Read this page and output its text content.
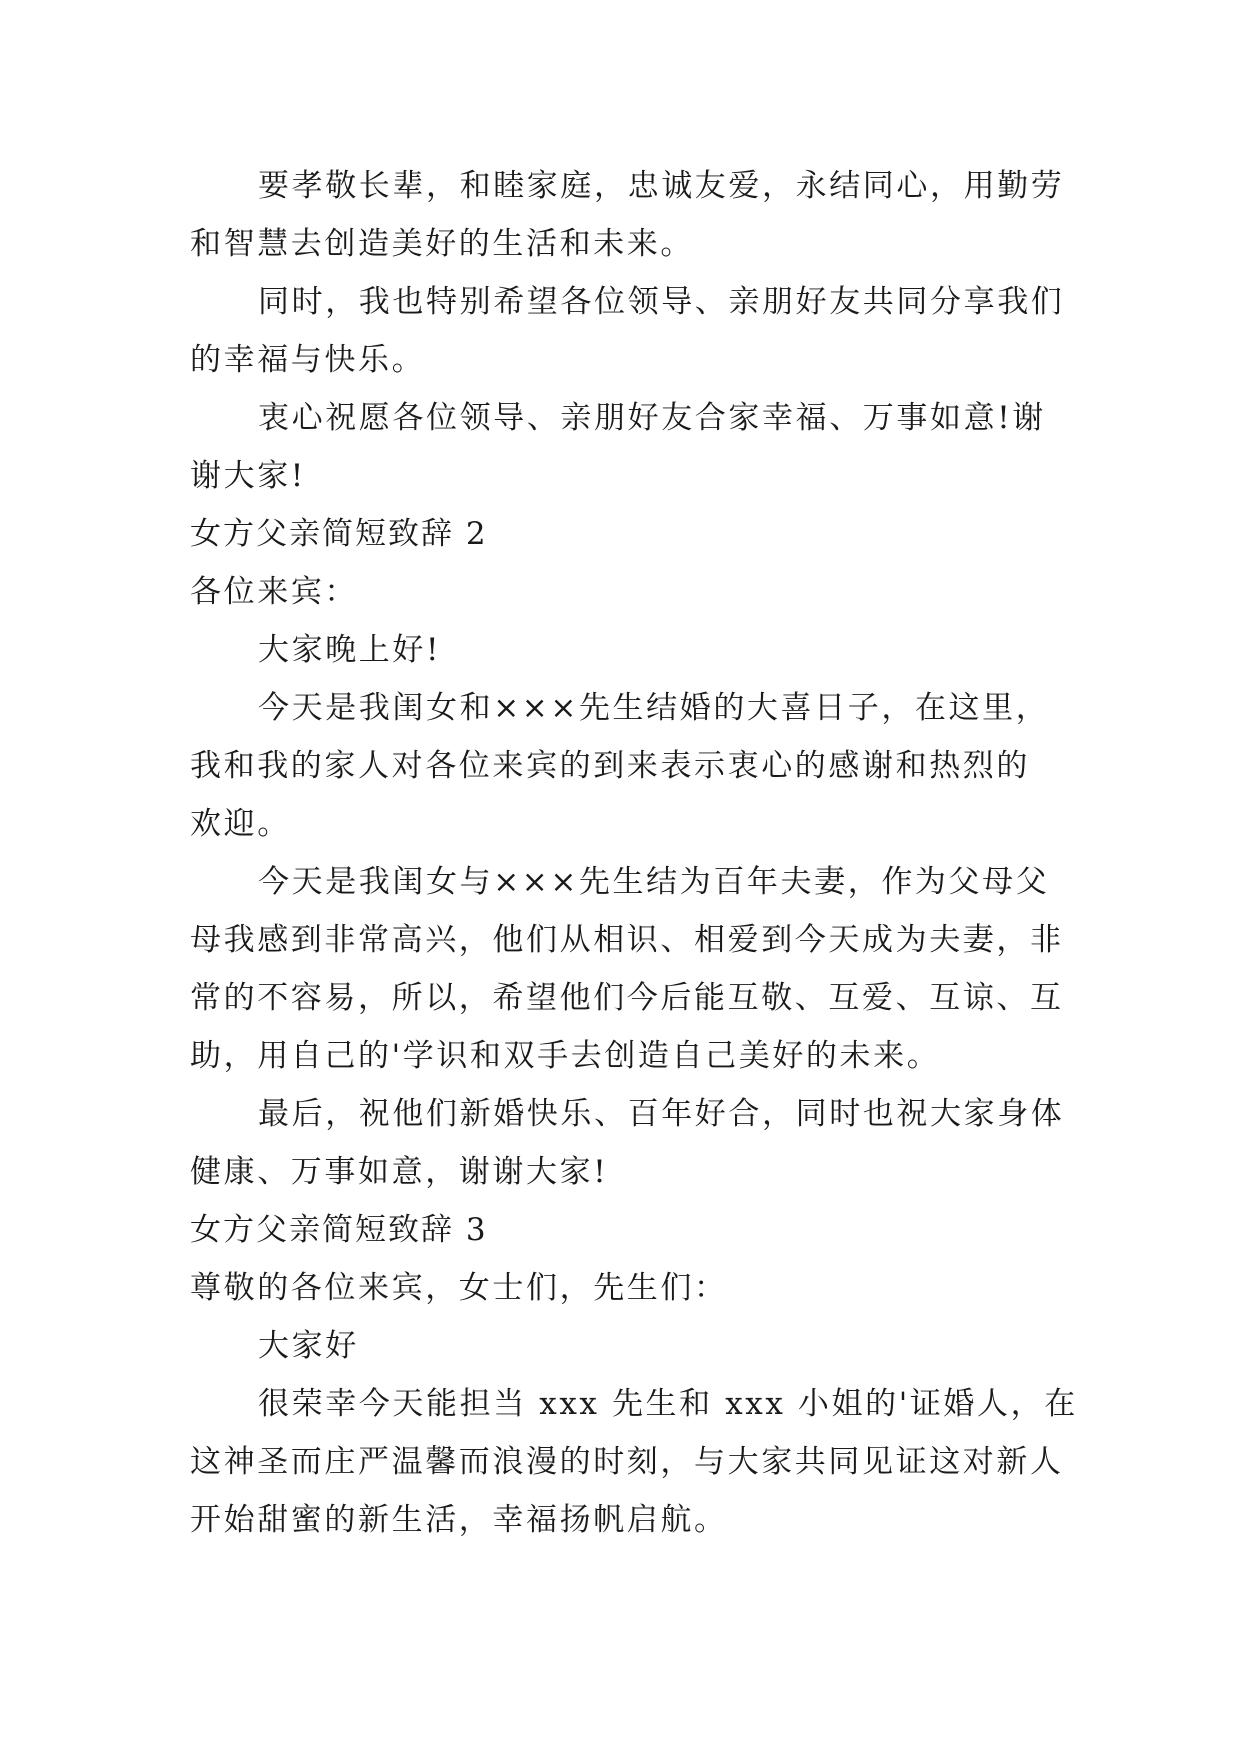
要孝敬长辈，和睦家庭，忠诚友爱，永结同心，用勤劳
和智慧去创造美好的生活和未来。
同时，我也特别希望各位领导、亲朋好友共同分享我们
的幸福与快乐。
衷心祝愿各位领导、亲朋好友合家幸福、万事如意!谢
谢大家!
女方父亲简短致辞 2
各位来宾：
大家晚上好!
今天是我闺女和×××先生结婚的大喜日子，在这里，
我和我的家人对各位来宾的到来表示衷心的感谢和热烈的
欢迎。
今天是我闺女与×××先生结为百年夫妻，作为父母父
母我感到非常高兴，他们从相识、相爱到今天成为夫妻，非
常的不容易，所以，希望他们今后能互敬、互爱、互谅、互
助，用自己的'学识和双手去创造自己美好的未来。
最后，祝他们新婚快乐、百年好合，同时也祝大家身体
健康、万事如意，谢谢大家!
女方父亲简短致辞 3
尊敬的各位来宾，女士们，先生们：
大家好
很荣幸今天能担当 xxx 先生和 xxx 小姐的'证婚人，在
这神圣而庄严温馨而浪漫的时刻，与大家共同见证这对新人
开始甜蜜的新生活，幸福扬帆启航。
